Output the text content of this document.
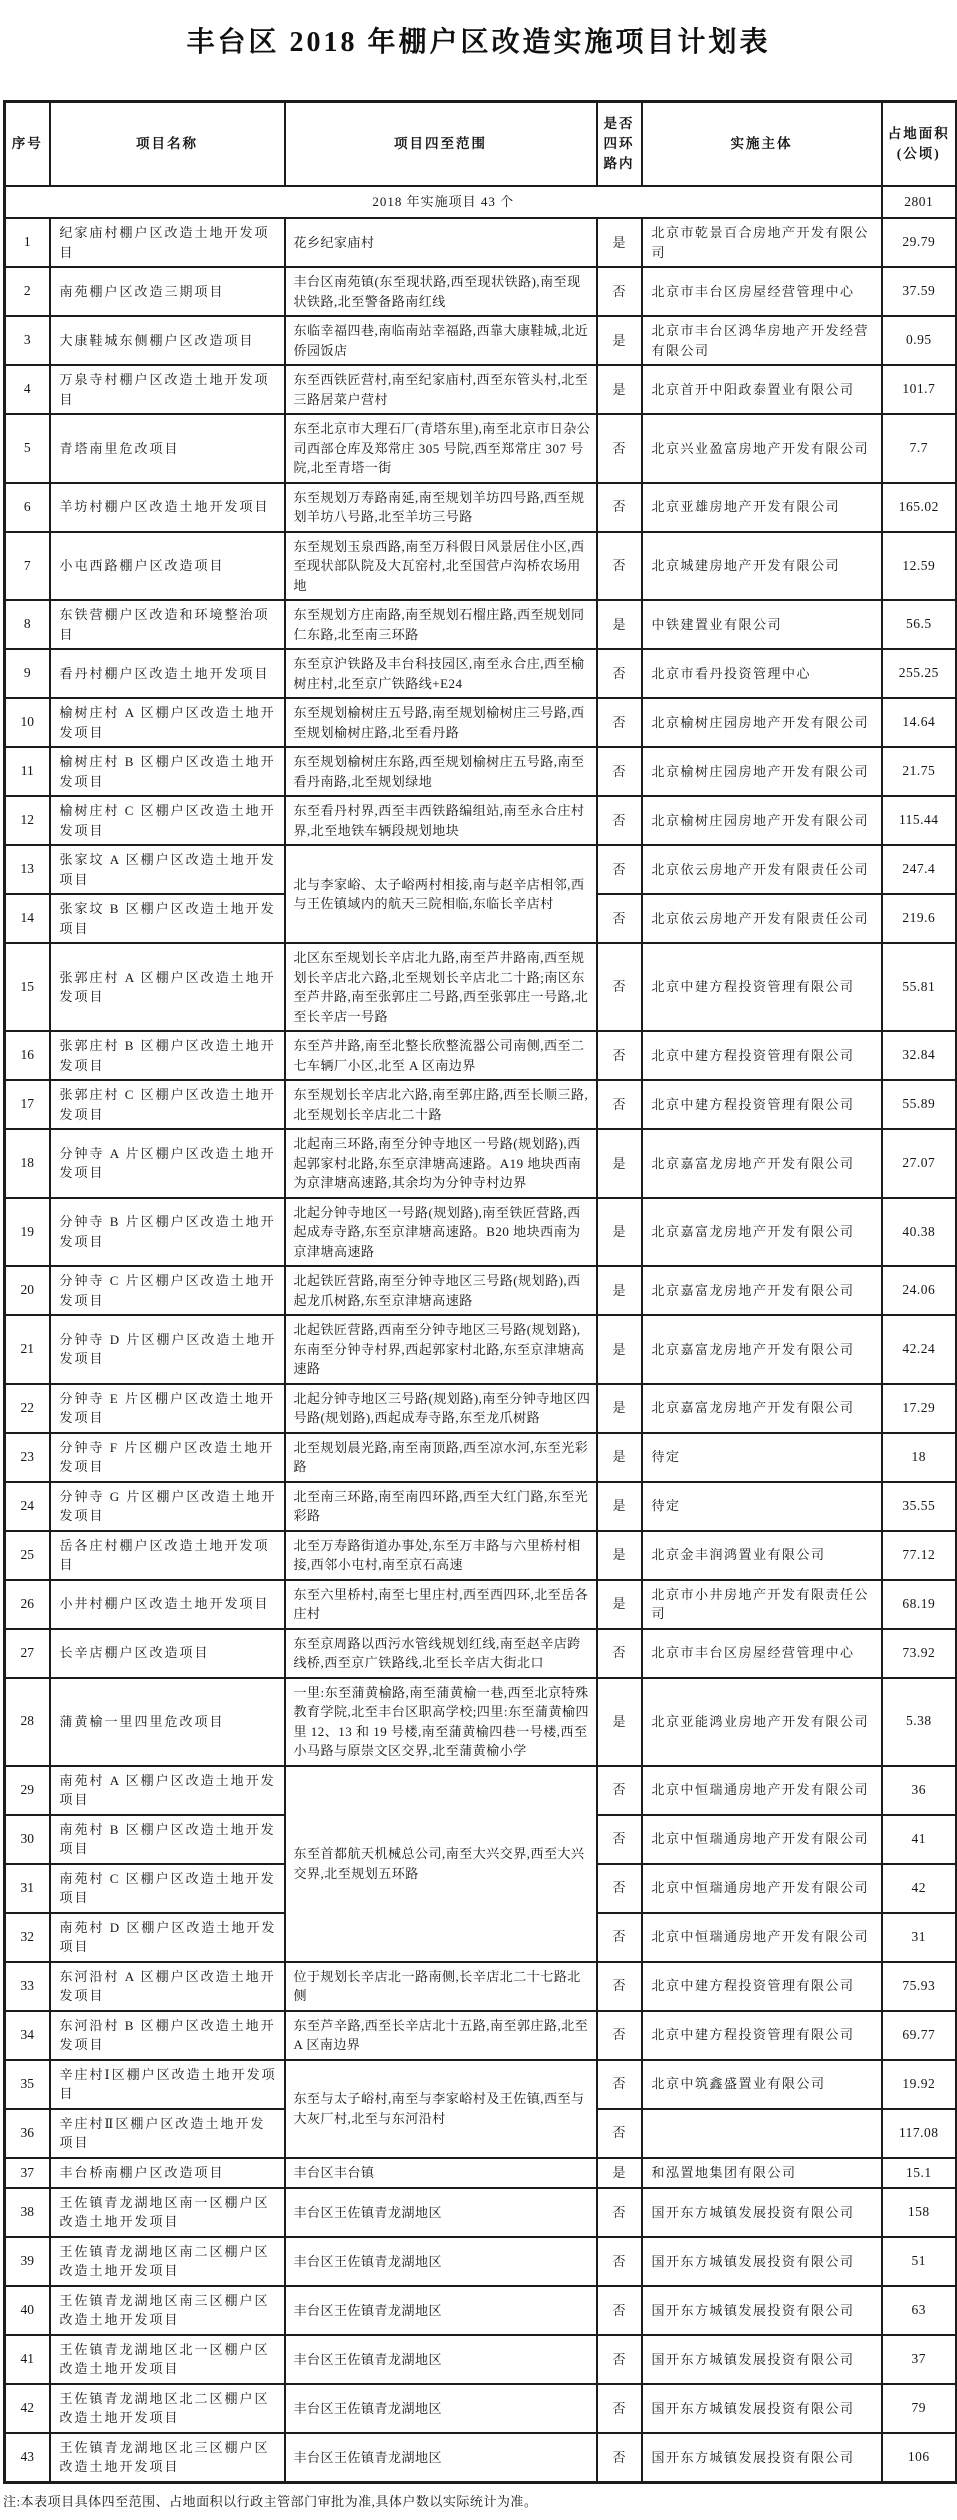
丰台区 2018 年棚户区改造实施项目计划表
序号	项目名称	项目四至范围	是否四环路内	实施主体	占地面积(公顷)
2018 年实施项目 43 个					2801
1	纪家庙村棚户区改造土地开发项目	花乡纪家庙村	是	北京市乾景百合房地产开发有限公司	29.79
2	南苑棚户区改造三期项目	丰台区南苑镇(东至现状路,西至现状铁路),南至现状铁路,北至警备路南红线	否	北京市丰台区房屋经营管理中心	37.59
3	大康鞋城东侧棚户区改造项目	东临幸福四巷,南临南站幸福路,西靠大康鞋城,北近侨园饭店	是	北京市丰台区鸿华房地产开发经营有限公司	0.95
4	万泉寺村棚户区改造土地开发项目	东至西铁匠营村,南至纪家庙村,西至东管头村,北至三路居菜户营村	是	北京首开中阳政泰置业有限公司	101.7
5	青塔南里危改项目	东至北京市大理石厂(青塔东里),南至北京市日杂公司西部仓库及郑常庄 305 号院,西至郑常庄 307 号院,北至青塔一街	否	北京兴业盈富房地产开发有限公司	7.7
6	羊坊村棚户区改造土地开发项目	东至规划万寿路南延,南至规划羊坊四号路,西至规划羊坊八号路,北至羊坊三号路	否	北京亚雄房地产开发有限公司	165.02
7	小屯西路棚户区改造项目	东至规划玉泉西路,南至万科假日风景居住小区,西至现状部队院及大瓦窑村,北至国营卢沟桥农场用地	否	北京城建房地产开发有限公司	12.59
8	东铁营棚户区改造和环境整治项目	东至规划方庄南路,南至规划石榴庄路,西至规划同仁东路,北至南三环路	是	中铁建置业有限公司	56.5
9	看丹村棚户区改造土地开发项目	东至京沪铁路及丰台科技园区,南至永合庄,西至榆树庄村,北至京广铁路线+E24	否	北京市看丹投资管理中心	255.25
10	榆树庄村 A 区棚户区改造土地开发项目	东至规划榆树庄五号路,南至规划榆树庄三号路,西至规划榆树庄路,北至看丹路	否	北京榆树庄园房地产开发有限公司	14.64
11	榆树庄村 B 区棚户区改造土地开发项目	东至规划榆树庄东路,西至规划榆树庄五号路,南至看丹南路,北至规划绿地	否	北京榆树庄园房地产开发有限公司	21.75
12	榆树庄村 C 区棚户区改造土地开发项目	东至看丹村界,西至丰西铁路编组站,南至永合庄村界,北至地铁车辆段规划地块	否	北京榆树庄园房地产开发有限公司	115.44
13	张家坟 A 区棚户区改造土地开发项目	北与李家峪、太子峪两村相接,南与赵辛店相邻,西与王佐镇域内的航天三院相临,东临长辛店村	否	北京依云房地产开发有限责任公司	247.4
14	张家坟 B 区棚户区改造土地开发项目		否	北京依云房地产开发有限责任公司	219.6
15	张郭庄村 A 区棚户区改造土地开发项目	北区东至规划长辛店北九路,南至芦井路南,西至规划长辛店北六路,北至规划长辛店北二十路;南区东至芦井路,南至张郭庄二号路,西至张郭庄一号路,北至长辛店一号路	否	北京中建方程投资管理有限公司	55.81
16	张郭庄村 B 区棚户区改造土地开发项目	东至芦井路,南至北整长欣整流器公司南侧,西至二七车辆厂小区,北至 A 区南边界	否	北京中建方程投资管理有限公司	32.84
17	张郭庄村 C 区棚户区改造土地开发项目	东至规划长辛店北六路,南至郭庄路,西至长顺三路,北至规划长辛店北二十路	否	北京中建方程投资管理有限公司	55.89
18	分钟寺 A 片区棚户区改造土地开发项目	北起南三环路,南至分钟寺地区一号路(规划路),西起郭家村北路,东至京津塘高速路。A19 地块西南为京津塘高速路,其余均为分钟寺村边界	是	北京嘉富龙房地产开发有限公司	27.07
19	分钟寺 B 片区棚户区改造土地开发项目	北起分钟寺地区一号路(规划路),南至铁匠营路,西起成寿寺路,东至京津塘高速路。B20 地块西南为京津塘高速路	是	北京嘉富龙房地产开发有限公司	40.38
20	分钟寺 C 片区棚户区改造土地开发项目	北起铁匠营路,南至分钟寺地区三号路(规划路),西起龙爪树路,东至京津塘高速路	是	北京嘉富龙房地产开发有限公司	24.06
21	分钟寺 D 片区棚户区改造土地开发项目	北起铁匠营路,西南至分钟寺地区三号路(规划路),东南至分钟寺村界,西起郭家村北路,东至京津塘高速路	是	北京嘉富龙房地产开发有限公司	42.24
22	分钟寺 E 片区棚户区改造土地开发项目	北起分钟寺地区三号路(规划路),南至分钟寺地区四号路(规划路),西起成寿寺路,东至龙爪树路	是	北京嘉富龙房地产开发有限公司	17.29
23	分钟寺 F 片区棚户区改造土地开发项目	北至规划晨光路,南至南顶路,西至凉水河,东至光彩路	是	待定	18
24	分钟寺 G 片区棚户区改造土地开发项目	北至南三环路,南至南四环路,西至大红门路,东至光彩路	是	待定	35.55
25	岳各庄村棚户区改造土地开发项目	北至万寿路街道办事处,东至万丰路与六里桥村相接,西邻小屯村,南至京石高速	是	北京金丰润鸿置业有限公司	77.12
26	小井村棚户区改造土地开发项目	东至六里桥村,南至七里庄村,西至西四环,北至岳各庄村	是	北京市小井房地产开发有限责任公司	68.19
27	长辛店棚户区改造项目	东至京周路以西污水管线规划红线,南至赵辛店跨线桥,西至京广铁路线,北至长辛店大街北口	否	北京市丰台区房屋经营管理中心	73.92
28	蒲黄榆一里四里危改项目	一里:东至蒲黄榆路,南至蒲黄榆一巷,西至北京特殊教育学院,北至丰台区职高学校;四里:东至蒲黄榆四里 12、13 和 19 号楼,南至蒲黄榆四巷一号楼,西至小马路与原崇文区交界,北至蒲黄榆小学	是	北京亚能鸿业房地产开发有限公司	5.38
29	南苑村 A 区棚户区改造土地开发项目	东至首都航天机械总公司,南至大兴交界,西至大兴交界,北至规划五环路	否	北京中恒瑞通房地产开发有限公司	36
30	南苑村 B 区棚户区改造土地开发项目		否	北京中恒瑞通房地产开发有限公司	41
31	南苑村 C 区棚户区改造土地开发项目		否	北京中恒瑞通房地产开发有限公司	42
32	南苑村 D 区棚户区改造土地开发项目		否	北京中恒瑞通房地产开发有限公司	31
33	东河沿村 A 区棚户区改造土地开发项目	位于规划长辛店北一路南侧,长辛店北二十七路北侧	否	北京中建方程投资管理有限公司	75.93
34	东河沿村 B 区棚户区改造土地开发项目	东至芦辛路,西至长辛店北十五路,南至郭庄路,北至 A 区南边界	否	北京中建方程投资管理有限公司	69.77
35	辛庄村Ⅰ区棚户区改造土地开发项目	东至与太子峪村,南至与李家峪村及王佐镇,西至与大灰厂村,北至与东河沿村	否	北京中筑鑫盛置业有限公司	19.92
36	辛庄村Ⅱ区棚户区改造土地开发项目		否		117.08
37	丰台桥南棚户区改造项目	丰台区丰台镇	是	和泓置地集团有限公司	15.1
38	王佐镇青龙湖地区南一区棚户区改造土地开发项目	丰台区王佐镇青龙湖地区	否	国开东方城镇发展投资有限公司	158
39	王佐镇青龙湖地区南二区棚户区改造土地开发项目	丰台区王佐镇青龙湖地区	否	国开东方城镇发展投资有限公司	51
40	王佐镇青龙湖地区南三区棚户区改造土地开发项目	丰台区王佐镇青龙湖地区	否	国开东方城镇发展投资有限公司	63
41	王佐镇青龙湖地区北一区棚户区改造土地开发项目	丰台区王佐镇青龙湖地区	否	国开东方城镇发展投资有限公司	37
42	王佐镇青龙湖地区北二区棚户区改造土地开发项目	丰台区王佐镇青龙湖地区	否	国开东方城镇发展投资有限公司	79
43	王佐镇青龙湖地区北三区棚户区改造土地开发项目	丰台区王佐镇青龙湖地区	否	国开东方城镇发展投资有限公司	106
注:本表项目具体四至范围、占地面积以行政主管部门审批为准,具体户数以实际统计为准。
